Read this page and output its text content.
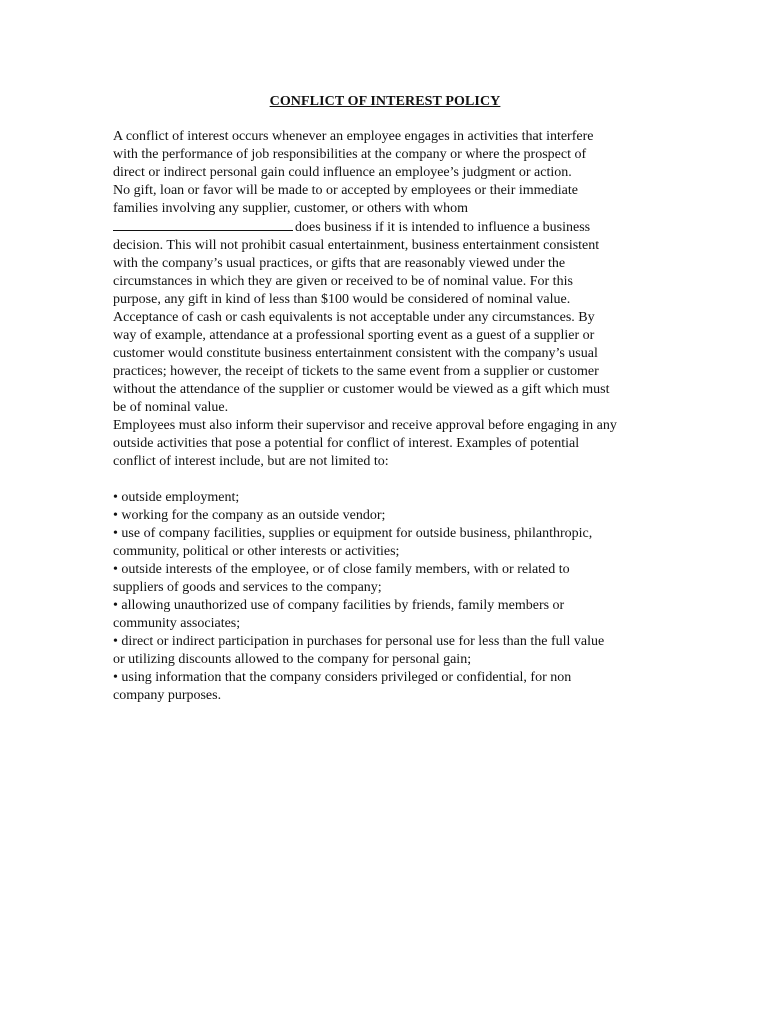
CONFLICT OF INTEREST POLICY
A conflict of interest occurs whenever an employee engages in activities that interfere
with the performance of job responsibilities at the company or where the prospect of
direct or indirect personal gain could influence an employee’s judgment or action.
No gift, loan or favor will be made to or accepted by employees or their immediate
families involving any supplier, customer, or others with whom
does business if it is intended to influence a business
decision. This will not prohibit casual entertainment, business entertainment consistent
with the company’s usual practices, or gifts that are reasonably viewed under the
circumstances in which they are given or received to be of nominal value. For this
purpose, any gift in kind of less than $100 would be considered of nominal value.
Acceptance of cash or cash equivalents is not acceptable under any circumstances. By
way of example, attendance at a professional sporting event as a guest of a supplier or
customer would constitute business entertainment consistent with the company’s usual
practices; however, the receipt of tickets to the same event from a supplier or customer
without the attendance of the supplier or customer would be viewed as a gift which must
be of nominal value.
Employees must also inform their supervisor and receive approval before engaging in any
outside activities that pose a potential for conflict of interest. Examples of potential
conflict of interest include, but are not limited to:
• outside employment;
• working for the company as an outside vendor;
• use of company facilities, supplies or equipment for outside business, philanthropic,
community, political or other interests or activities;
• outside interests of the employee, or of close family members, with or related to
suppliers of goods and services to the company;
• allowing unauthorized use of company facilities by friends, family members or
community associates;
• direct or indirect participation in purchases for personal use for less than the full value
or utilizing discounts allowed to the company for personal gain;
• using information that the company considers privileged or confidential, for non
company purposes.
